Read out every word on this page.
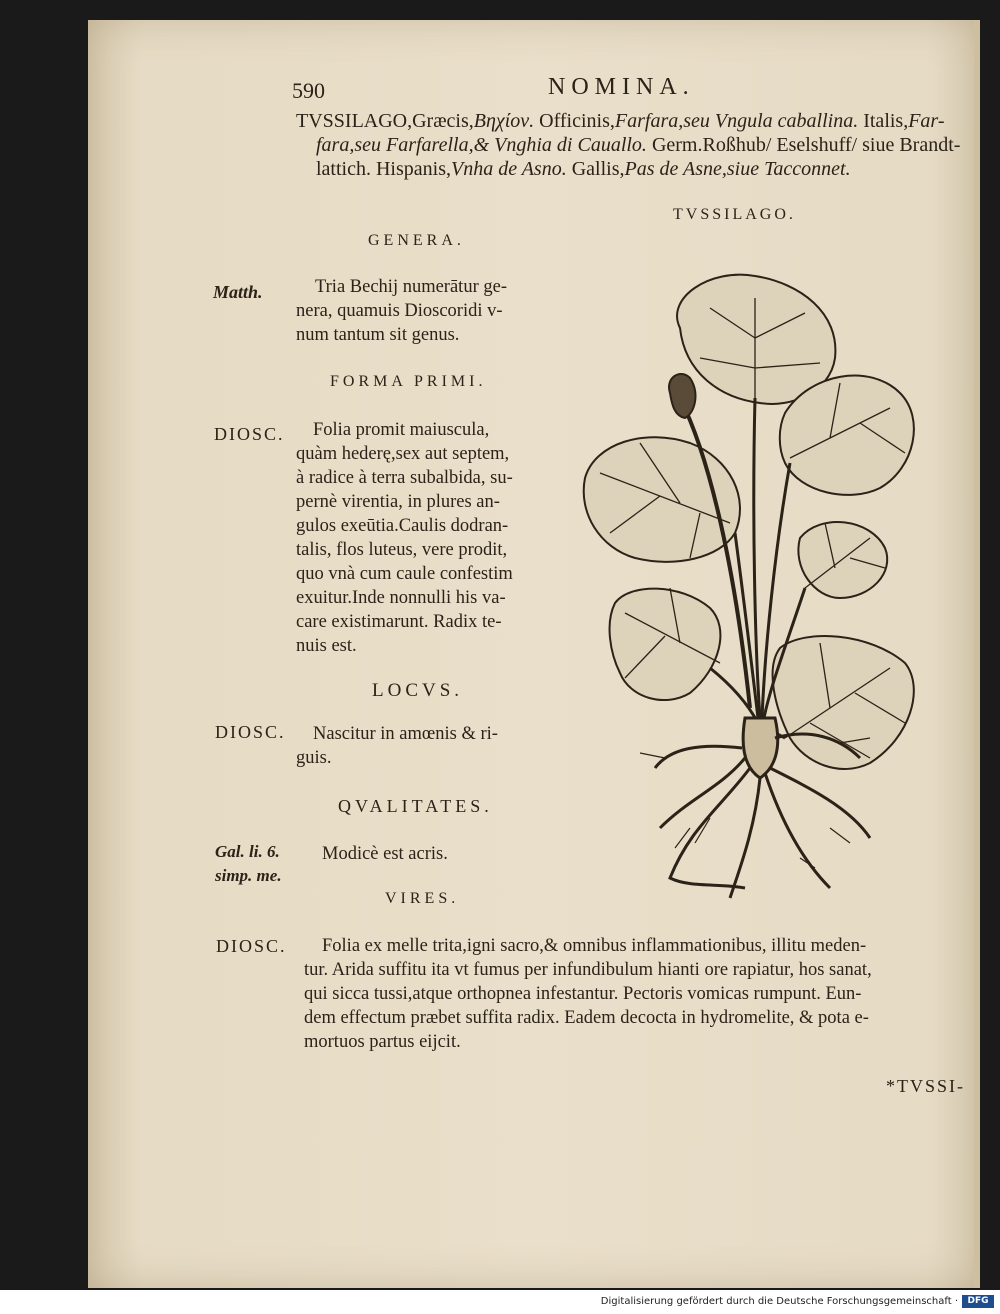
590	NOMINA.
TVSSILAGO,Græcis,Βηχίον. Officinis,Farfara,seu Vngula caballina. Italis,Far-
fara,seu Farfarella,& Vnghia di Cauallo. Germ.Roßhub/ Eselshuff/ siue Brandt-
lattich. Hispanis,Vnha de Asno. Gallis,Pas de Asne,siue Tacconnet.
TVSSILAGO.
GENERA.
FORMA PRIMI.
LOCVS.
QVALITATES.
VIRES.
Matth.
DIOSC.
DIOSC.
Gal. li. 6.
simp. me.
DIOSC.
Tria Bechij numerātur ge-
nera, quamuis Dioscoridi v-
num tantum sit genus.
Folia promit maiuscula,
quàm hederę,sex aut septem,
à radice à terra subalbida, su-
pernè virentia, in plures an-
gulos exeūtia.Caulis dodran-
talis, flos luteus, vere prodit,
quo vnà cum caule confestim
exuitur.Inde nonnulli his va-
care existimarunt. Radix te-
nuis est.
Nascitur in amœnis & ri-
guis.
Modicè est acris.
Folia ex melle trita,igni sacro,& omnibus inflammationibus, illitu meden-
tur. Arida suffitu ita vt fumus per infundibulum hianti ore rapiatur, hos sanat,
qui sicca tussi,atque orthopnea infestantur. Pectoris vomicas rumpunt. Eun-
dem effectum præbet suffita radix. Eadem decocta in hydromelite, & pota e-
mortuos partus eijcit.
*TVSSI-
Digitalisierung gefördert durch die Deutsche Forschungsgemeinschaft ·	DFG
